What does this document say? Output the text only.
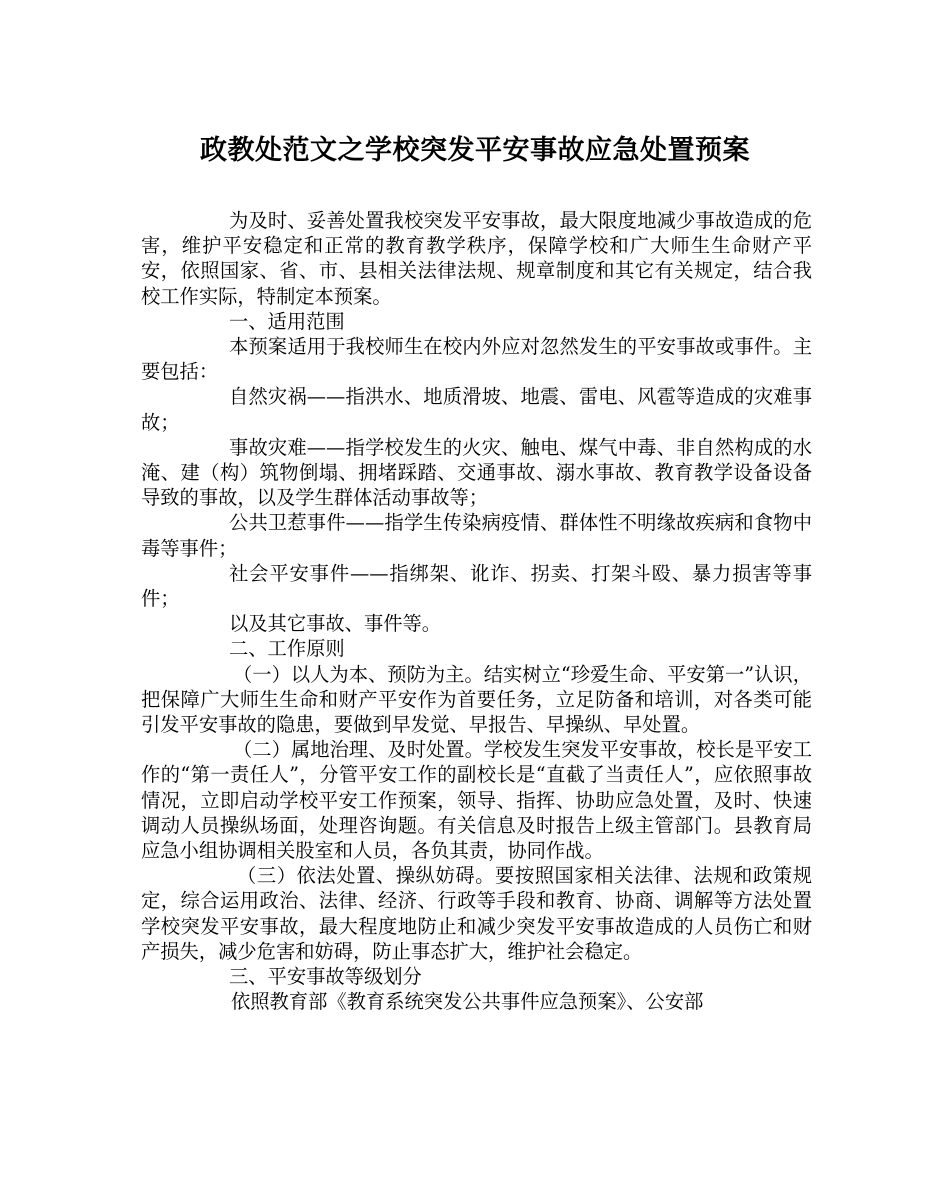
政教处范文之学校突发平安事故应急处置预案

为及时、妥善处置我校突发平安事故，最大限度地减少事故造成的危害，维护平安稳定和正常的教育教学秩序，保障学校和广大师生生命财产平安，依照国家、省、市、县相关法律法规、规章制度和其它有关规定，结合我校工作实际，特制定本预案。

一、适用范围

本预案适用于我校师生在校内外应对忽然发生的平安事故或事件。主要包括：

自然灾祸——指洪水、地质滑坡、地震、雷电、风雹等造成的灾难事故；

事故灾难——指学校发生的火灾、触电、煤气中毒、非自然构成的水淹、建（构）筑物倒塌、拥堵踩踏、交通事故、溺水事故、教育教学设备设备导致的事故，以及学生群体活动事故等；

公共卫惹事件——指学生传染病疫情、群体性不明缘故疾病和食物中毒等事件；

社会平安事件——指绑架、讹诈、拐卖、打架斗殴、暴力损害等事件；

以及其它事故、事件等。

二、工作原则

（一）以人为本、预防为主。结实树立“珍爱生命、平安第一”认识，把保障广大师生生命和财产平安作为首要任务，立足防备和培训，对各类可能引发平安事故的隐患，要做到早发觉、早报告、早操纵、早处置。

（二）属地治理、及时处置。学校发生突发平安事故，校长是平安工作的“第一责任人”，分管平安工作的副校长是“直截了当责任人”，应依照事故情况，立即启动学校平安工作预案，领导、指挥、协助应急处置，及时、快速调动人员操纵场面，处理咨询题。有关信息及时报告上级主管部门。县教育局应急小组协调相关股室和人员，各负其责，协同作战。

（三）依法处置、操纵妨碍。要按照国家相关法律、法规和政策规定，综合运用政治、法律、经济、行政等手段和教育、协商、调解等方法处置学校突发平安事故，最大程度地防止和减少突发平安事故造成的人员伤亡和财产损失，减少危害和妨碍，防止事态扩大，维护社会稳定。

三、平安事故等级划分

依照教育部《教育系统突发公共事件应急预案》、公安部
